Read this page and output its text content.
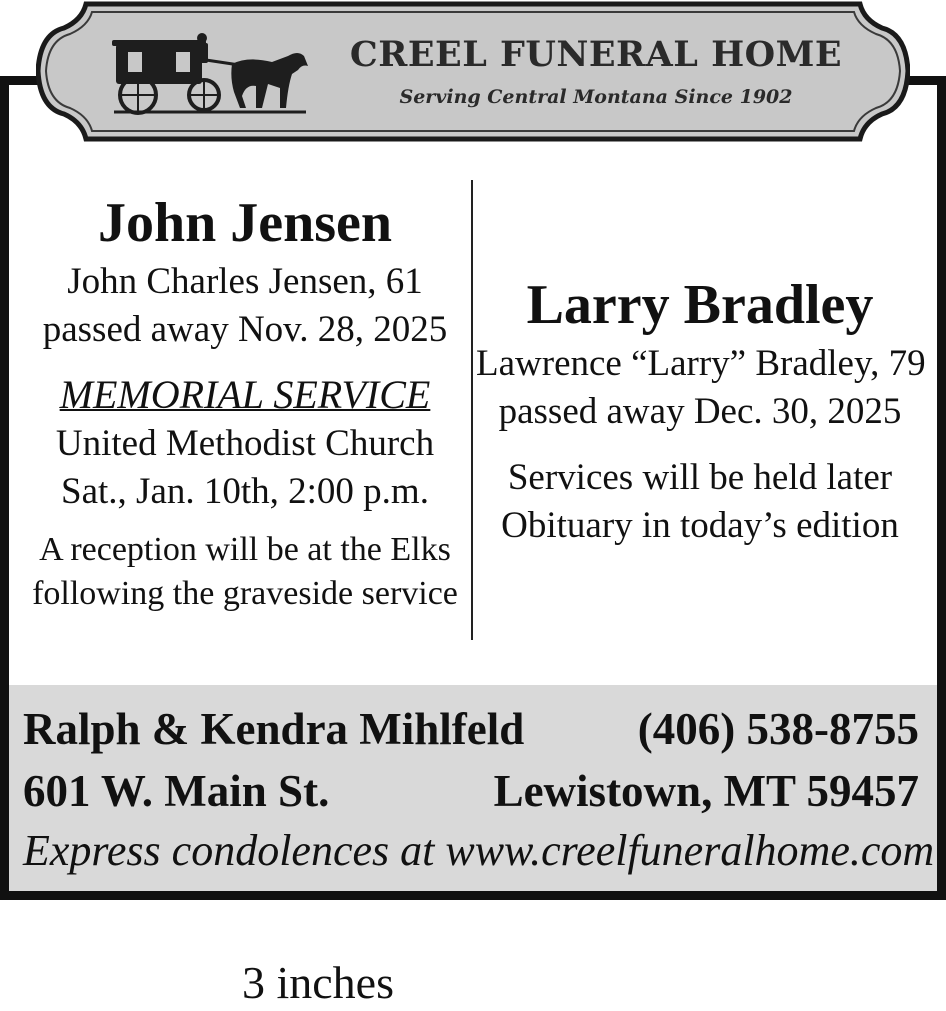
CREEL FUNERAL HOME
Serving Central Montana Since 1902

John Jensen

John Charles Jensen, 61

passed away Nov. 28, 2025

MEMORIAL SERVICE

United Methodist Church

Sat., Jan. 10th, 2:00 p.m.

A reception will be at the Elks

following the graveside service

Larry Bradley

Lawrence “Larry” Bradley, 79

passed away Dec. 30, 2025

Services will be held later

Obituary in today’s edition

Ralph & Kendra Mihlfeld	(406) 538-8755
601 W. Main St.	Lewistown, MT 59457
Express condolences at www.creelfuneralhome.com
3 inches
